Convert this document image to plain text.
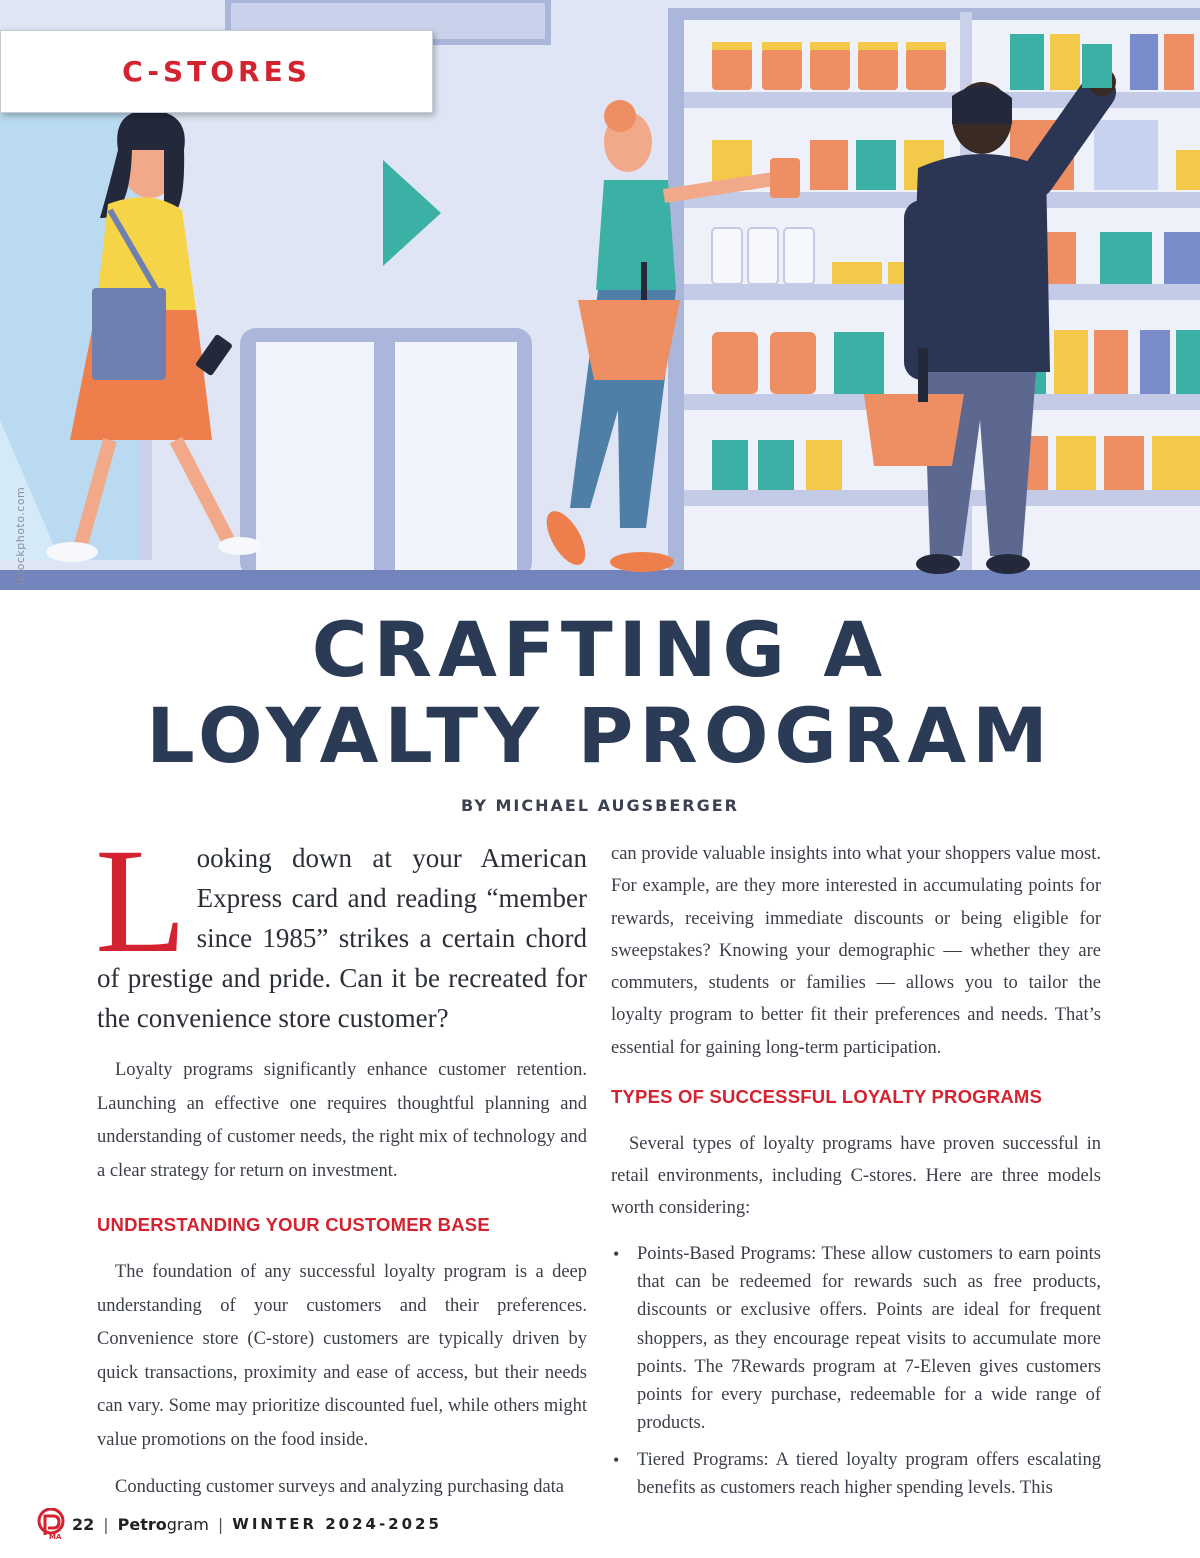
C-STORES
istockphoto.com
CRAFTING A
LOYALTY PROGRAM
BY MICHAEL AUGSBERGER
Looking down at your American Express card and reading “member since 1985” strikes a certain chord of prestige and pride. Can it be recreated for the convenience store customer?

Loyalty programs significantly enhance customer retention. Launching an effective one requires thoughtful planning and understanding of customer needs, the right mix of technology and a clear strategy for return on investment.

UNDERSTANDING YOUR CUSTOMER BASE

The foundation of any successful loyalty program is a deep understanding of your customers and their preferences. Convenience store (C-store) customers are typically driven by quick transactions, proximity and ease of access, but their needs can vary. Some may prioritize discounted fuel, while others might value promotions on the food inside.

Conducting customer surveys and analyzing purchasing data

can provide valuable insights into what your shoppers value most. For example, are they more interested in accumulating points for rewards, receiving immediate discounts or being eligible for sweepstakes? Knowing your demographic — whether they are commuters, students or families — allows you to tailor the loyalty program to better fit their preferences and needs. That’s essential for gaining long-term participation.

TYPES OF SUCCESSFUL LOYALTY PROGRAMS

Several types of loyalty programs have proven successful in retail environments, including C-stores. Here are three models worth considering:

• Points-Based Programs: These allow customers to earn points that can be redeemed for rewards such as free products, discounts or exclusive offers. Points are ideal for frequent shoppers, as they encourage repeat visits to accumulate more points. The 7Rewards program at 7-Eleven gives customers points for every purchase, redeemable for a wide range of products.
• Tiered Programs: A tiered loyalty program offers escalating benefits as customers reach higher spending levels. This
MA
22 | Petrogram | WINTER 2024-2025
